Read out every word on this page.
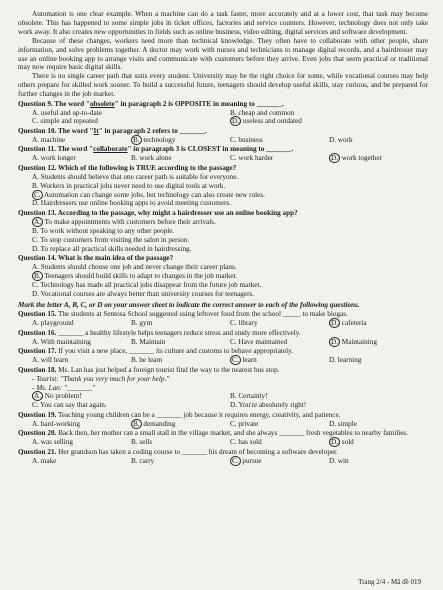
Automation is one clear example. When a machine can do a task faster, more accurately and at a lower cost, that task may become obsolete. This has happened to some simple jobs in ticket offices, factories and service counters. However, technology does not only take work away. It also creates new opportunities in fields such as online business, video editing, digital services and software development.

Because of these changes, workers need more than technical knowledge. They often have to collaborate with other people, share information, and solve problems together. A doctor may work with nurses and technicians to manage digital records, and a hairdresser may use an online booking app to arrange visits and communicate with customers before they arrive. Even jobs that seem practical or traditional may now require basic digital skills.

There is no single career path that suits every student. University may be the right choice for some, while vocational courses may help others prepare for skilled work sooner. To build a successful future, teenagers should develop useful skills, stay curious, and be prepared for further changes in the job market.

Question 9. The word "obsolete" in paragraph 2 is OPPOSITE in meaning to _______.

A. useful and up-to-date	B. cheap and common
C. simple and repeated	D. useless and outdated

Question 10. The word "It" in paragraph 2 refers to _______.

A. machine	B. technology	C. business	D. work

Question 11. The word "collaborate" in paragraph 3 is CLOSEST in meaning to _______.

A. work longer	B. work alone	C. work harder	D. work together

Question 12. Which of the following is TRUE according to the passage?

A. Students should believe that one career path is suitable for everyone.
B. Workers in practical jobs never need to use digital tools at work.
C. Automation can change some jobs, but technology can also create new roles.
D. Hairdressers use online booking apps to avoid meeting customers.

Question 13. According to the passage, why might a hairdresser use an online booking app?

A. To make appointments with customers before their arrivals.
B. To work without speaking to any other people.
C. To stop customers from visiting the salon in person.
D. To replace all practical skills needed in hairdressing.

Question 14. What is the main idea of the passage?

A. Students should choose one job and never change their career plans.
B. Teenagers should build skills to adapt to changes in the job market.
C. Technology has made all practical jobs disappear from the future job market.
D. Vocational courses are always better than university courses for teenagers.

Mark the letter A, B, C, or D on your answer sheet to indicate the correct answer to each of the following questions.

Question 15. The students at Sentosa School suggested using leftover food from the school _____ to make biogas.

A. playground	B. gym	C. library	D. cafeteria

Question 16. _______ a healthy lifestyle helps teenagers reduce stress and study more effectively.

A. With maintaining	B. Maintain	C. Have maintained	D. Maintaining

Question 17. If you visit a new place, _______ its culture and customs to behave appropriately.

A. will learn	B. be learn	C. learn	D. learning

Question 18. Ms. Lan has just helped a foreign tourist find the way to the nearest bus stop.

- Tourist: "Thank you very much for your help."

- Ms. Lan: "_______"

A. No problem!	B. Certainly!
C. You can say that again.	D. You're absolutely right!

Question 19. Teaching young children can be a _______ job because it requires energy, creativity, and patience.

A. hard-working	B. demanding	C. private	D. simple

Question 20. Back then, her mother ran a small stall in the village market, and she always _______ fresh vegetables to nearby families.

A. was selling	B. sells	C. has sold	D. sold

Question 21. Her grandson has taken a coding course to _______ his dream of becoming a software developer.

A. make	B. carry	C. pursue	D. win
Trang 2/4 - Mã đề 019
